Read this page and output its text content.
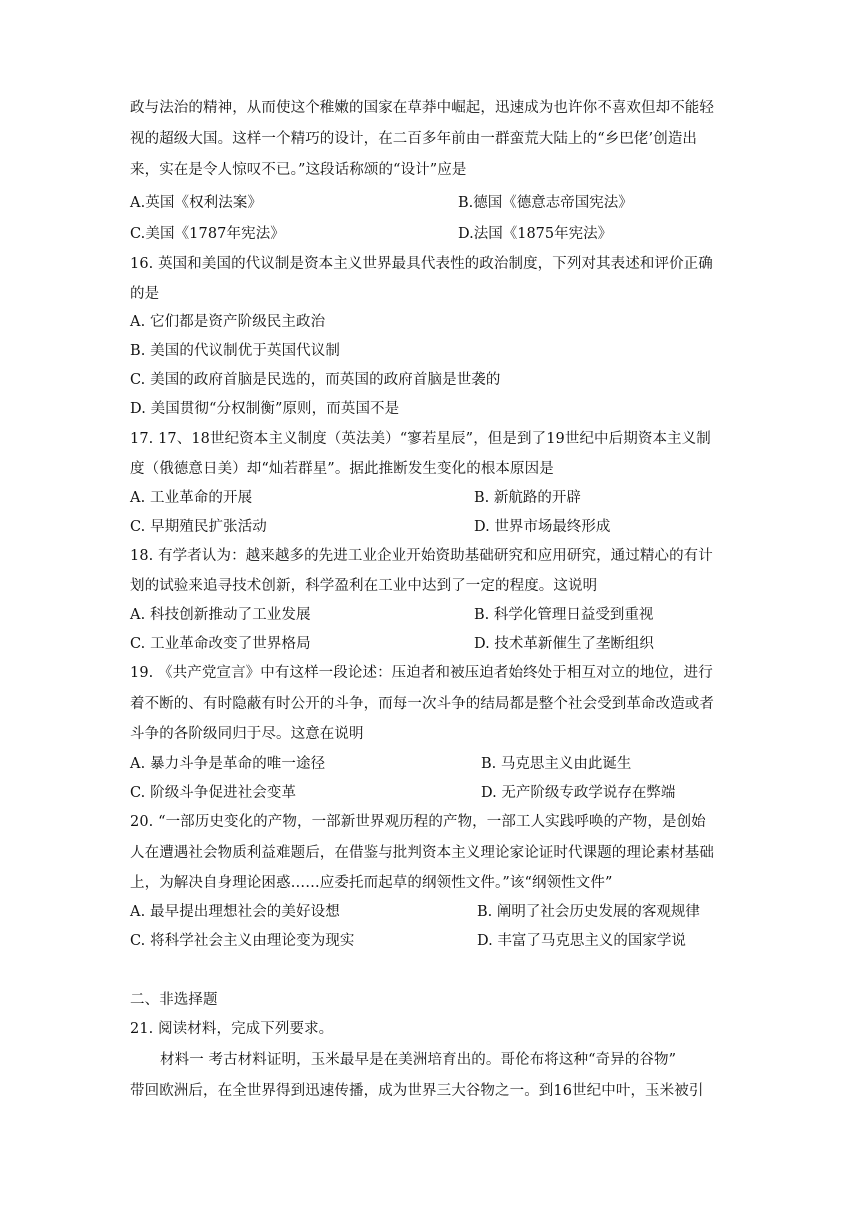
政与法治的精神，从而使这个稚嫩的国家在草莽中崛起，迅速成为也许你不喜欢但却不能轻
视的超级大国。这样一个精巧的设计，在二百多年前由一群蛮荒大陆上的“乡巴佬’创造出
来，实在是令人惊叹不已。”这段话称颂的“设计”应是
A.英国《权利法案》	B.德国《德意志帝国宪法》
C.美国《1787年宪法》	D.法国《1875年宪法》
16. 英国和美国的代议制是资本主义世界最具代表性的政治制度，下列对其表述和评价正确
的是
A. 它们都是资产阶级民主政治
B. 美国的代议制优于英国代议制
C. 美国的政府首脑是民选的，而英国的政府首脑是世袭的
D. 美国贯彻“分权制衡”原则，而英国不是
17. 17、18世纪资本主义制度（英法美）“寥若星辰”，但是到了19世纪中后期资本主义制
度（俄德意日美）却“灿若群星”。据此推断发生变化的根本原因是
A. 工业革命的开展	B. 新航路的开辟
C. 早期殖民扩张活动	D. 世界市场最终形成
18. 有学者认为：越来越多的先进工业企业开始资助基础研究和应用研究，通过精心的有计
划的试验来追寻技术创新，科学盈利在工业中达到了一定的程度。这说明
A. 科技创新推动了工业发展	B. 科学化管理日益受到重视
C. 工业革命改变了世界格局	D. 技术革新催生了垄断组织
19. 《共产党宣言》中有这样一段论述：压迫者和被压迫者始终处于相互对立的地位，进行
着不断的、有时隐蔽有时公开的斗争，而每一次斗争的结局都是整个社会受到革命改造或者
斗争的各阶级同归于尽。这意在说明
A. 暴力斗争是革命的唯一途径	B. 马克思主义由此诞生
C. 阶级斗争促进社会变革	D. 无产阶级专政学说存在弊端
20. “一部历史变化的产物，一部新世界观历程的产物，一部工人实践呼唤的产物，是创始
人在遭遇社会物质利益难题后，在借鉴与批判资本主义理论家论证时代课题的理论素材基础
上，为解决自身理论困惑……应委托而起草的纲领性文件。”该“纲领性文件”
A. 最早提出理想社会的美好设想	B. 阐明了社会历史发展的客观规律
C. 将科学社会主义由理论变为现实	D. 丰富了马克思主义的国家学说
二、非选择题
21. 阅读材料，完成下列要求。
材料一 考古材料证明，玉米最早是在美洲培育出的。哥伦布将这种“奇异的谷物”
带回欧洲后，在全世界得到迅速传播，成为世界三大谷物之一。到16世纪中叶，玉米被引
